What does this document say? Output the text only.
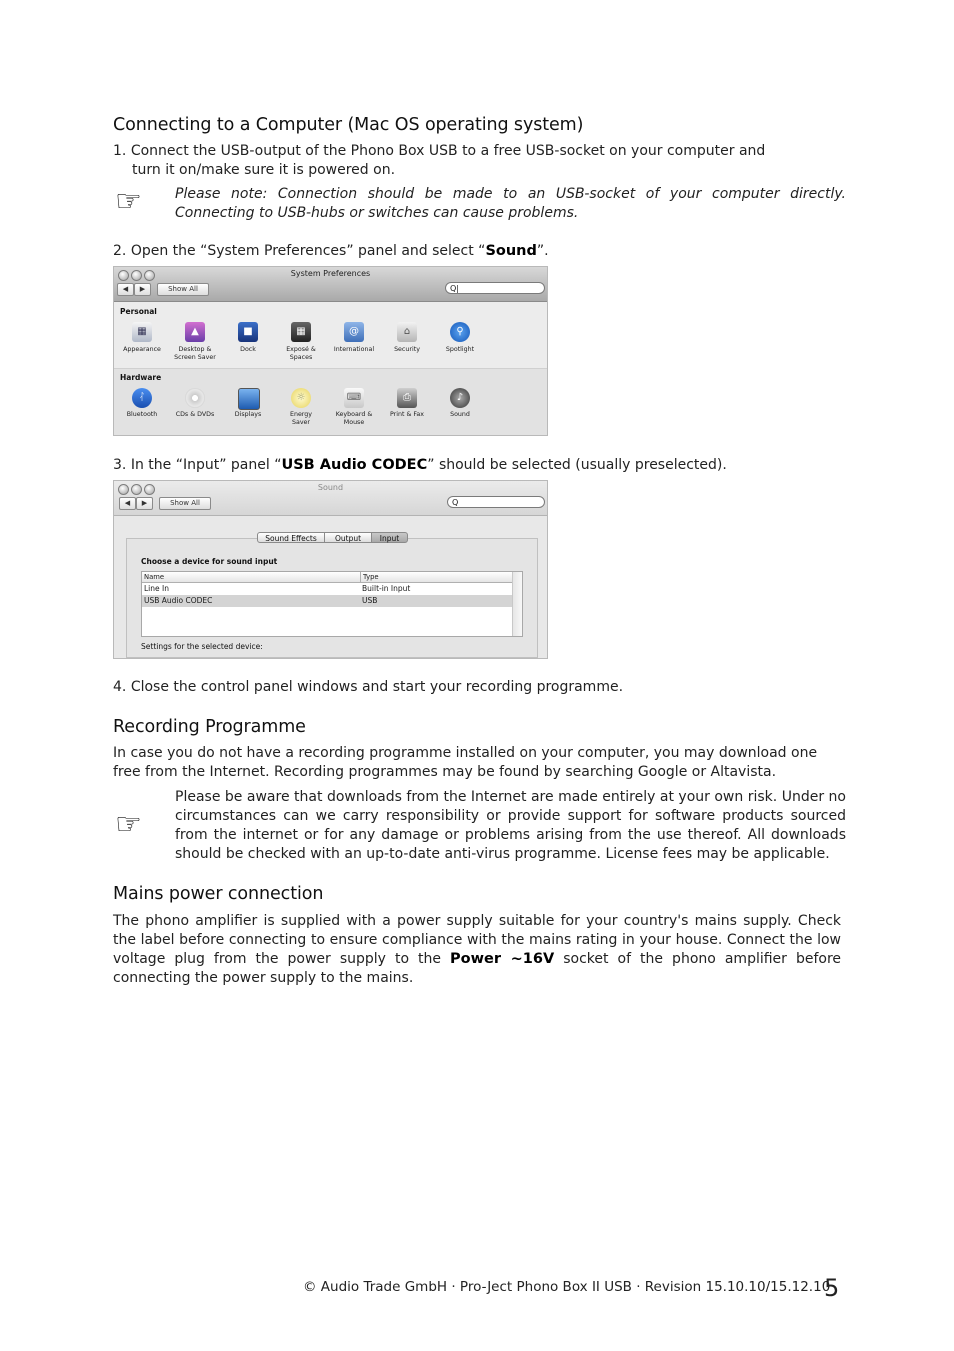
Connecting to a Computer (Mac OS operating system)
1. Connect the USB-output of the Phono Box USB to a free USB-socket on your computer and
turn it on/make sure it is powered on.
☞ Please note: Connection should be made to an USB-socket of your computer directly. Connecting to USB-hubs or switches can cause problems.
2. Open the “System Preferences” panel and select “Sound”.
System Preferences
◀	▶	Show All	Q|
Personal
▦	▲	■	▦	@	⌂	⚲
Appearance	Desktop &
Screen Saver
Dock	Exposé &
Spaces
International	Security	Spotlight
Hardware
ᛮ	☼	⌨	⎙	♪
Bluetooth	CDs & DVDs	Displays	Energy
Saver
Keyboard &
Mouse
Print & Fax	Sound
3. In the “Input” panel “USB Audio CODEC” should be selected (usually preselected).
Sound
◀	▶	Show All	Q
Sound Effects	Output	Input
Choose a device for sound input
Name	Type
Line In	Built-in Input
USB Audio CODEC	USB
Settings for the selected device:
4. Close the control panel windows and start your recording programme.
Recording Programme
In case you do not have a recording programme installed on your computer, you may download one free from the Internet. Recording programmes may be found by searching Google or Altavista.
☞
Please be aware that downloads from the Internet are made entirely at your own risk. Under no circumstances can we carry responsibility or provide support for software products sourced from the internet or for any damage or problems arising from the use thereof. All downloads should be checked with an up-to-date anti-virus programme. License fees may be applicable.
Mains power connection
The phono amplifier is supplied with a power supply suitable for your country's mains supply. Check the label before connecting to ensure compliance with the mains rating in your house. Connect the low voltage plug from the power supply to the Power ~16V socket of the phono amplifier before connecting the power supply to the mains.
© Audio Trade GmbH · Pro-Ject Phono Box II USB · Revision 15.10.10/15.12.10
5
